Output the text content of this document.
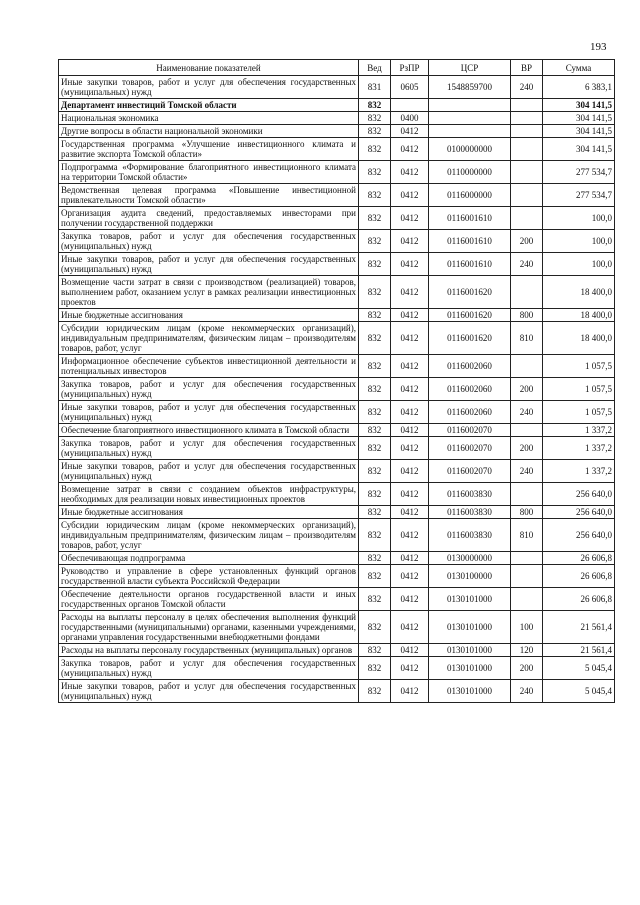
193
Наименование показателей	Вед	РзПР	ЦСР	ВР	Сумма
Иные закупки товаров, работ и услуг для обеспечения государственных (муниципальных) нужд	831	0605	1548859700	240	6 383,1
Департамент инвестиций Томской области	832				304 141,5
Национальная экономика	832	0400			304 141,5
Другие вопросы в области национальной экономики	832	0412			304 141,5
Государственная программа «Улучшение инвестиционного климата и развитие экспорта Томской области»	832	0412	0100000000		304 141,5
Подпрограмма «Формирование благоприятного инвестиционного климата на территории Томской области»	832	0412	0110000000		277 534,7
Ведомственная целевая программа «Повышение инвестиционной привлекательности Томской области»	832	0412	0116000000		277 534,7
Организация аудита сведений, предоставляемых инвесторами при получении государственной поддержки	832	0412	0116001610		100,0
Закупка товаров, работ и услуг для обеспечения государственных (муниципальных) нужд	832	0412	0116001610	200	100,0
Иные закупки товаров, работ и услуг для обеспечения государственных (муниципальных) нужд	832	0412	0116001610	240	100,0
Возмещение части затрат в связи с производством (реализацией) товаров, выполнением работ, оказанием услуг в рамках реализации инвестиционных проектов	832	0412	0116001620		18 400,0
Иные бюджетные ассигнования	832	0412	0116001620	800	18 400,0
Субсидии юридическим лицам (кроме некоммерческих организаций), индивидуальным предпринимателям, физическим лицам – производителям товаров, работ, услуг	832	0412	0116001620	810	18 400,0
Информационное обеспечение субъектов инвестиционной деятельности и потенциальных инвесторов	832	0412	0116002060		1 057,5
Закупка товаров, работ и услуг для обеспечения государственных (муниципальных) нужд	832	0412	0116002060	200	1 057,5
Иные закупки товаров, работ и услуг для обеспечения государственных (муниципальных) нужд	832	0412	0116002060	240	1 057,5
Обеспечение благоприятного инвестиционного климата в Томской области	832	0412	0116002070		1 337,2
Закупка товаров, работ и услуг для обеспечения государственных (муниципальных) нужд	832	0412	0116002070	200	1 337,2
Иные закупки товаров, работ и услуг для обеспечения государственных (муниципальных) нужд	832	0412	0116002070	240	1 337,2
Возмещение затрат в связи с созданием объектов инфраструктуры, необходимых для реализации новых инвестиционных проектов	832	0412	0116003830		256 640,0
Иные бюджетные ассигнования	832	0412	0116003830	800	256 640,0
Субсидии юридическим лицам (кроме некоммерческих организаций), индивидуальным предпринимателям, физическим лицам – производителям товаров, работ, услуг	832	0412	0116003830	810	256 640,0
Обеспечивающая подпрограмма	832	0412	0130000000		26 606,8
Руководство и управление в сфере установленных функций органов государственной власти субъекта Российской Федерации	832	0412	0130100000		26 606,8
Обеспечение деятельности органов государственной власти и иных государственных органов Томской области	832	0412	0130101000		26 606,8
Расходы на выплаты персоналу в целях обеспечения выполнения функций государственными (муниципальными) органами, казенными учреждениями, органами управления государственными внебюджетными фондами	832	0412	0130101000	100	21 561,4
Расходы на выплаты персоналу государственных (муниципальных) органов	832	0412	0130101000	120	21 561,4
Закупка товаров, работ и услуг для обеспечения государственных (муниципальных) нужд	832	0412	0130101000	200	5 045,4
Иные закупки товаров, работ и услуг для обеспечения государственных (муниципальных) нужд	832	0412	0130101000	240	5 045,4
